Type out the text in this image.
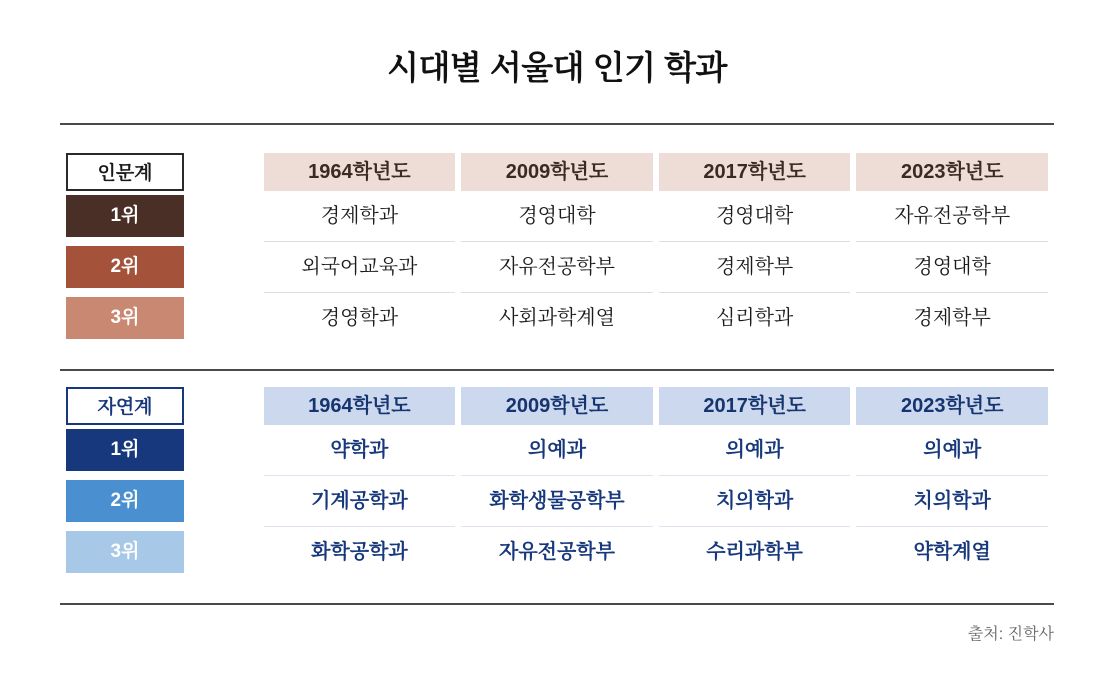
시대별 서울대 인기 학과
인문계	1964학년도	2009학년도	2017학년도	2023학년도

1위	경제학과	경영대학	경영대학	자유전공학부

2위	외국어교육과	자유전공학부	경제학부	경영대학

3위	경영학과	사회과학계열	심리학과	경제학부
자연계	1964학년도	2009학년도	2017학년도	2023학년도

1위	약학과	의예과	의예과	의예과

2위	기계공학과	화학생물공학부	치의학과	치의학과

3위	화학공학과	자유전공학부	수리과학부	약학계열
출처: 진학사
